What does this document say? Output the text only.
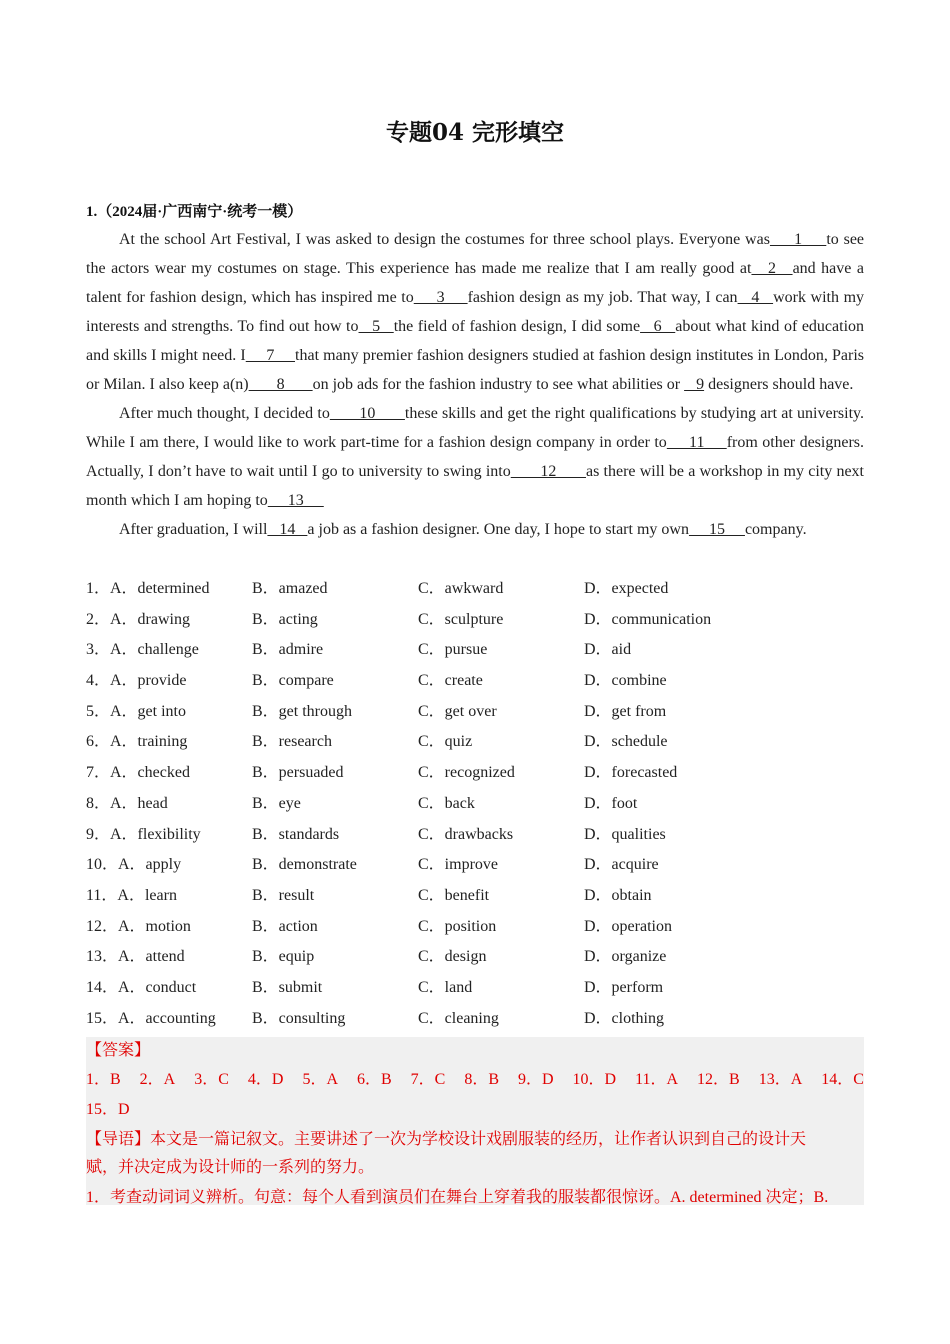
专题04 完形填空
1.（2024届·广西南宁·统考一模）

At the school Art Festival, I was asked to design the costumes for three school plays. Everyone was     1     to see the actors wear my costumes on stage. This experience has made me realize that I am really good at   2   and have a talent for fashion design, which has inspired me to     3     fashion design as my job. That way, I can   4   work with my interests and strengths. To find out how to   5   the field of fashion design, I did some   6   about what kind of education and skills I might need. I     7     that many premier fashion designers studied at fashion design institutes in London, Paris or Milan. I also keep a(n)       8       on job ads for the fashion industry to see what abilities or    9 designers should have.

After much thought, I decided to       10       these skills and get the right qualifications by studying art at university. While I am there, I would like to work part-time for a fashion design company in order to     11     from other designers. Actually, I don’t have to wait until I go to university to swing into       12       as there will be a workshop in my city next month which I am hoping to     13

After graduation, I will   14   a job as a fashion designer. One day, I hope to start my own     15     company.

1．A．determined	B．amazed	C．awkward	D．expected
2．A．drawing	B．acting	C．sculpture	D．communication
3．A．challenge	B．admire	C．pursue	D．aid
4．A．provide	B．compare	C．create	D．combine
5．A．get into	B．get through	C．get over	D．get from
6．A．training	B．research	C．quiz	D．schedule
7．A．checked	B．persuaded	C．recognized	D．forecasted
8．A．head	B．eye	C．back	D．foot
9．A．flexibility	B．standards	C．drawbacks	D．qualities
10．A．apply	B．demonstrate	C．improve	D．acquire
11．A．learn	B．result	C．benefit	D．obtain
12．A．motion	B．action	C．position	D．operation
13．A．attend	B．equip	C．design	D．organize
14．A．conduct	B．submit	C．land	D．perform
15．A．accounting B．consulting	C．cleaning	D．clothing
【答案】
1．B 2．A 3．C 4．D 5．A 6．B 7．C 8．B 9．D 10．D 11．A 12．B 13．A 14．C
15．D
【导语】本文是一篇记叙文。主要讲述了一次为学校设计戏剧服装的经历，让作者认识到自己的设计天
赋，并决定成为设计师的一系列的努力。
1．考查动词词义辨析。句意：每个人看到演员们在舞台上穿着我的服装都很惊讶。A. determined 决定；B.
